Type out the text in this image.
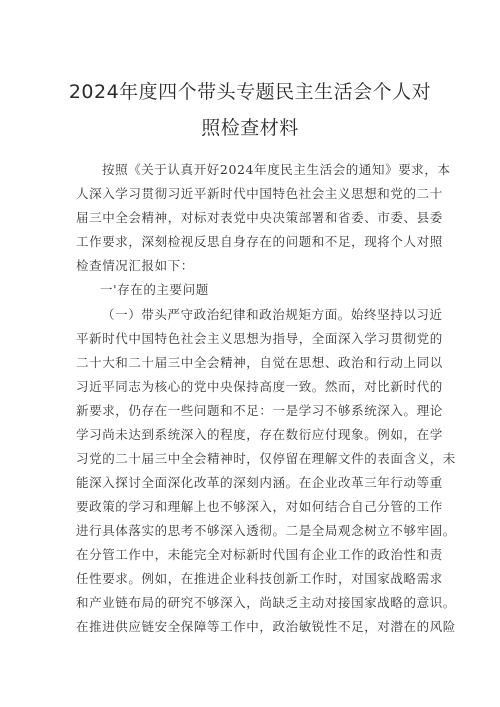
2024年度四个带头专题民主生活会个人对
照检查材料
按照《关于认真开好2024年度民主生活会的通知》要求，本
人深入学习贯彻习近平新时代中国特色社会主义思想和党的二十
届三中全会精神，对标对表党中央决策部署和省委、市委、县委
工作要求，深刻检视反思自身存在的问题和不足，现将个人对照
检查情况汇报如下：
一'存在的主要问题
（一）带头严守政治纪律和政治规矩方面。始终坚持以习近
平新时代中国特色社会主义思想为指导，全面深入学习贯彻党的
二十大和二十届三中全会精神，自觉在思想、政治和行动上同以
习近平同志为核心的党中央保持高度一致。然而，对比新时代的
新要求，仍存在一些问题和不足：一是学习不够系统深入。理论
学习尚未达到系统深入的程度，存在数衍应付现象。例如，在学
习党的二十届三中全会精神时，仅停留在理解文件的表面含义，未
能深入探讨全面深化改革的深刻内涵。在企业改革三年行动等重
要政策的学习和理解上也不够深入，对如何结合自己分管的工作
进行具体落实的思考不够深入透彻。二是全局观念树立不够牢固。
在分管工作中，未能完全对标新时代国有企业工作的政治性和责
任性要求。例如，在推进企业科技创新工作时，对国家战略需求
和产业链布局的研究不够深入，尚缺乏主动对接国家战略的意识。
在推进供应链安全保障等工作中，政治敏锐性不足，对潜在的风险
